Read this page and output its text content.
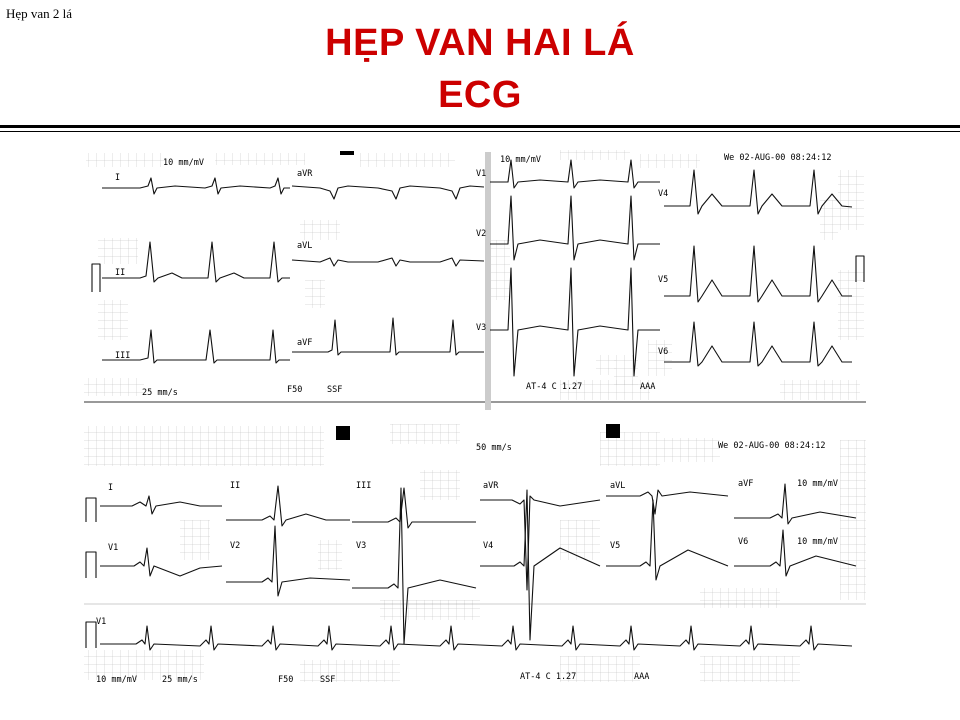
Hẹp van 2 lá
HẸP VAN HAI LÁ
ECG
10 mm/mV	10 mm/mV	We 02-AUG-00 08:24:12
I
II
III
aVR
aVL
aVF
V1
V2
V3
V4
V5
V6
25 mm/s	F50	SSF	AT-4 C 1.27	AAA
50 mm/s	We 02-AUG-00 08:24:12
I	II	III	aVR	aVL	aVF	10 mm/mV
V1	V2	V3	V4	V5	V6	10 mm/mV
V1
10 mm/mV	25 mm/s	F50	SSF	AT-4 C 1.27	AAA
